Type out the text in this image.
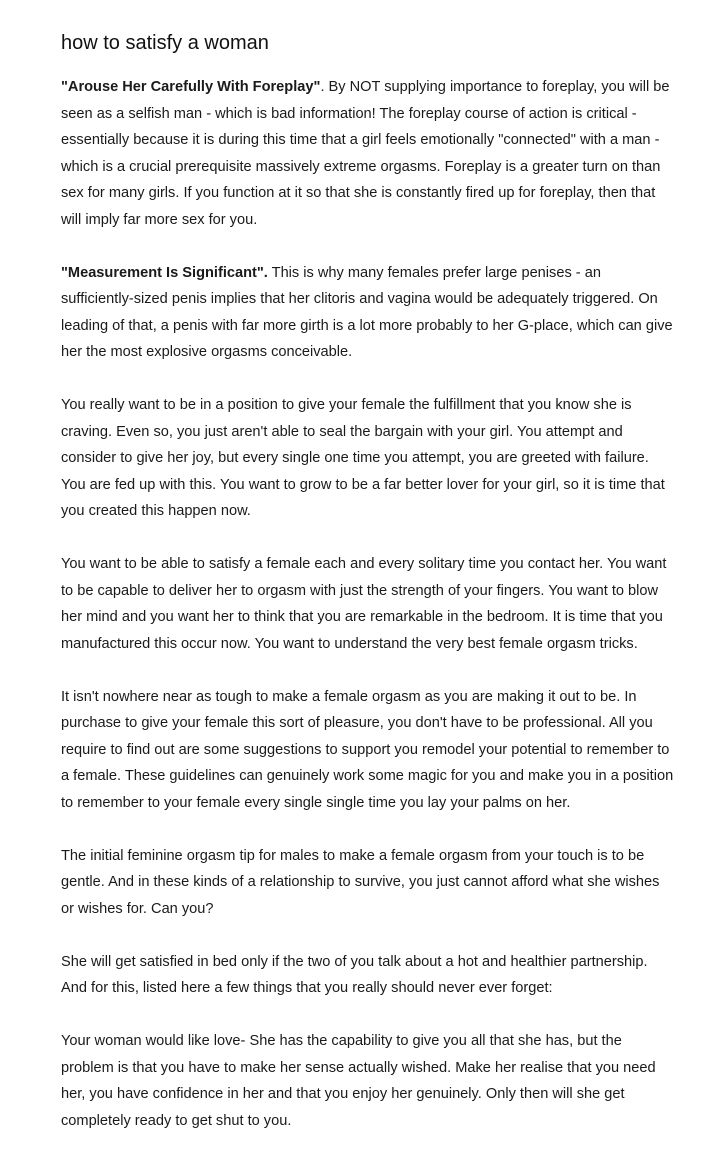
how to satisfy a woman

"Arouse Her Carefully With Foreplay". By NOT supplying importance to foreplay, you will be seen as a selfish man - which is bad information! The foreplay course of action is critical - essentially because it is during this time that a girl feels emotionally "connected" with a man - which is a crucial prerequisite massively extreme orgasms. Foreplay is a greater turn on than sex for many girls. If you function at it so that she is constantly fired up for foreplay, then that will imply far more sex for you.

"Measurement Is Significant". This is why many females prefer large penises - an sufficiently-sized penis implies that her clitoris and vagina would be adequately triggered. On leading of that, a penis with far more girth is a lot more probably to her G-place, which can give her the most explosive orgasms conceivable.

You really want to be in a position to give your female the fulfillment that you know she is craving. Even so, you just aren't able to seal the bargain with your girl. You attempt and consider to give her joy, but every single one time you attempt, you are greeted with failure. You are fed up with this. You want to grow to be a far better lover for your girl, so it is time that you created this happen now.

You want to be able to satisfy a female each and every solitary time you contact her. You want to be capable to deliver her to orgasm with just the strength of your fingers. You want to blow her mind and you want her to think that you are remarkable in the bedroom. It is time that you manufactured this occur now. You want to understand the very best female orgasm tricks.

It isn't nowhere near as tough to make a female orgasm as you are making it out to be. In purchase to give your female this sort of pleasure, you don't have to be professional. All you require to find out are some suggestions to support you remodel your potential to remember to a female. These guidelines can genuinely work some magic for you and make you in a position to remember to your female every single single time you lay your palms on her.

The initial feminine orgasm tip for males to make a female orgasm from your touch is to be gentle. And in these kinds of a relationship to survive, you just cannot afford what she wishes or wishes for. Can you?

She will get satisfied in bed only if the two of you talk about a hot and healthier partnership. And for this, listed here a few things that you really should never ever forget:

Your woman would like love- She has the capability to give you all that she has, but the problem is that you have to make her sense actually wished. Make her realise that you need her, you have confidence in her and that you enjoy her genuinely. Only then will she get completely ready to get shut to you.
